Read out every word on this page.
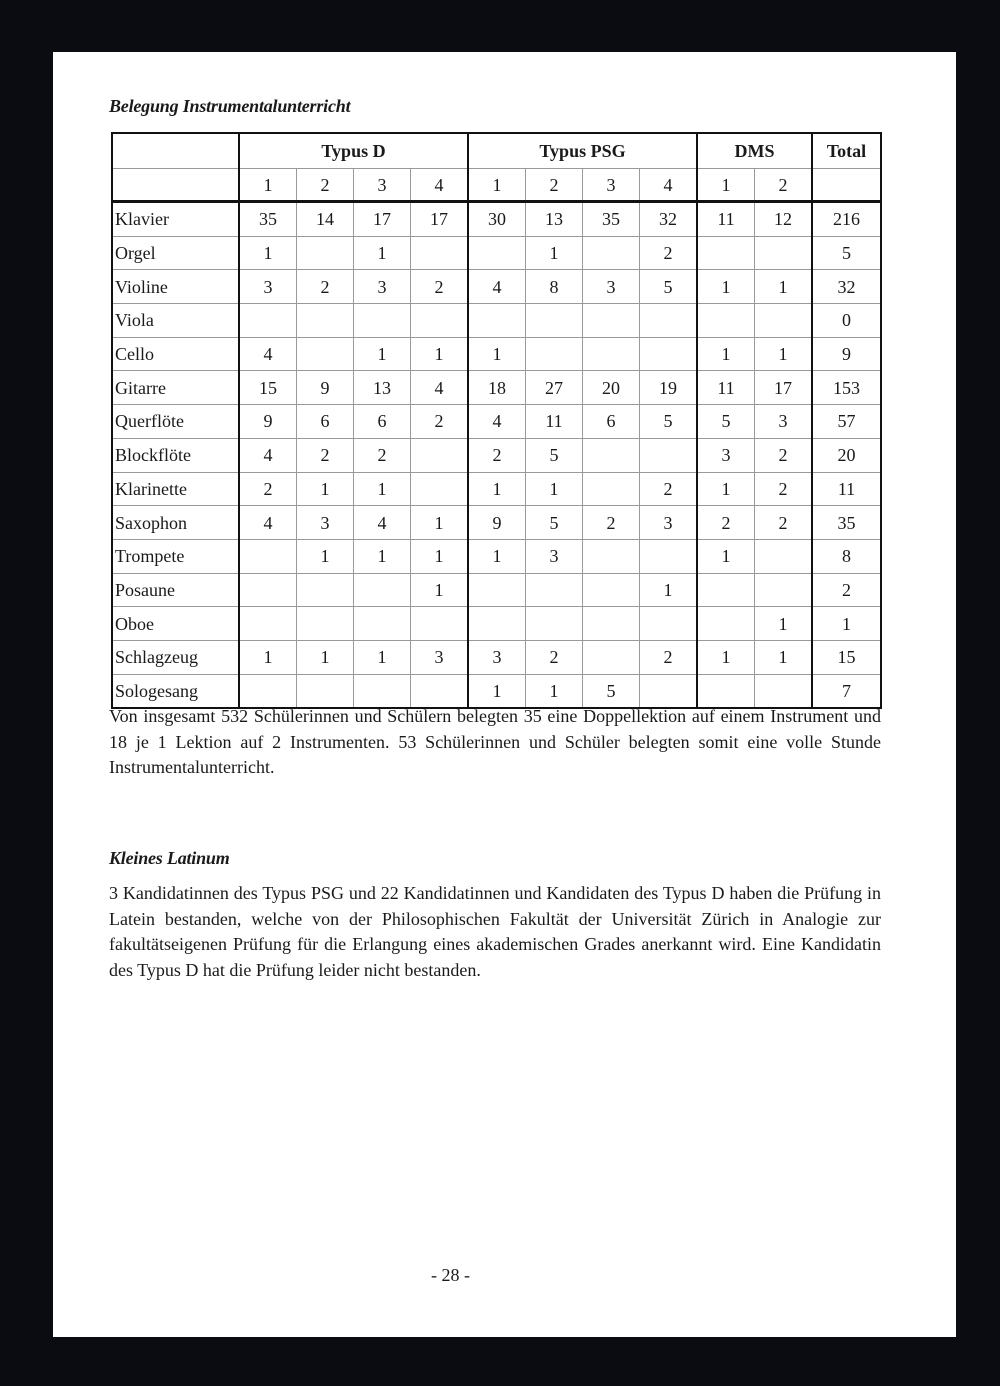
Belegung Instrumentalunterricht
	Typus D				Typus PSG				DMS		Total
	1	2	3	4	1	2	3	4	1	2	
Klavier	35	14	17	17	30	13	35	32	11	12	216
Orgel	1		1			1		2			5
Violine	3	2	3	2	4	8	3	5	1	1	32
Viola											0
Cello	4		1	1	1				1	1	9
Gitarre	15	9	13	4	18	27	20	19	11	17	153
Querflöte	9	6	6	2	4	11	6	5	5	3	57
Blockflöte	4	2	2		2	5			3	2	20
Klarinette	2	1	1		1	1		2	1	2	11
Saxophon	4	3	4	1	9	5	2	3	2	2	35
Trompete		1	1	1	1	3			1		8
Posaune				1				1			2
Oboe										1	1
Schlagzeug	1	1	1	3	3	2		2	1	1	15
Sologesang					1	1	5				7
Von insgesamt 532 Schülerinnen und Schülern belegten 35 eine Doppellektion auf einem Instrument und 18 je 1 Lektion auf 2 Instrumenten. 53 Schülerinnen und Schüler belegten somit eine volle Stunde Instrumentalunterricht.
Kleines Latinum
3 Kandidatinnen des Typus PSG und 22 Kandidatinnen und Kandidaten des Typus D haben die Prüfung in Latein bestanden, welche von der Philosophischen Fakultät der Universität Zürich in Analogie zur fakultätseigenen Prüfung für die Erlangung eines akademischen Grades anerkannt wird. Eine Kandidatin des Typus D hat die Prüfung leider nicht bestanden.
- 28 -
